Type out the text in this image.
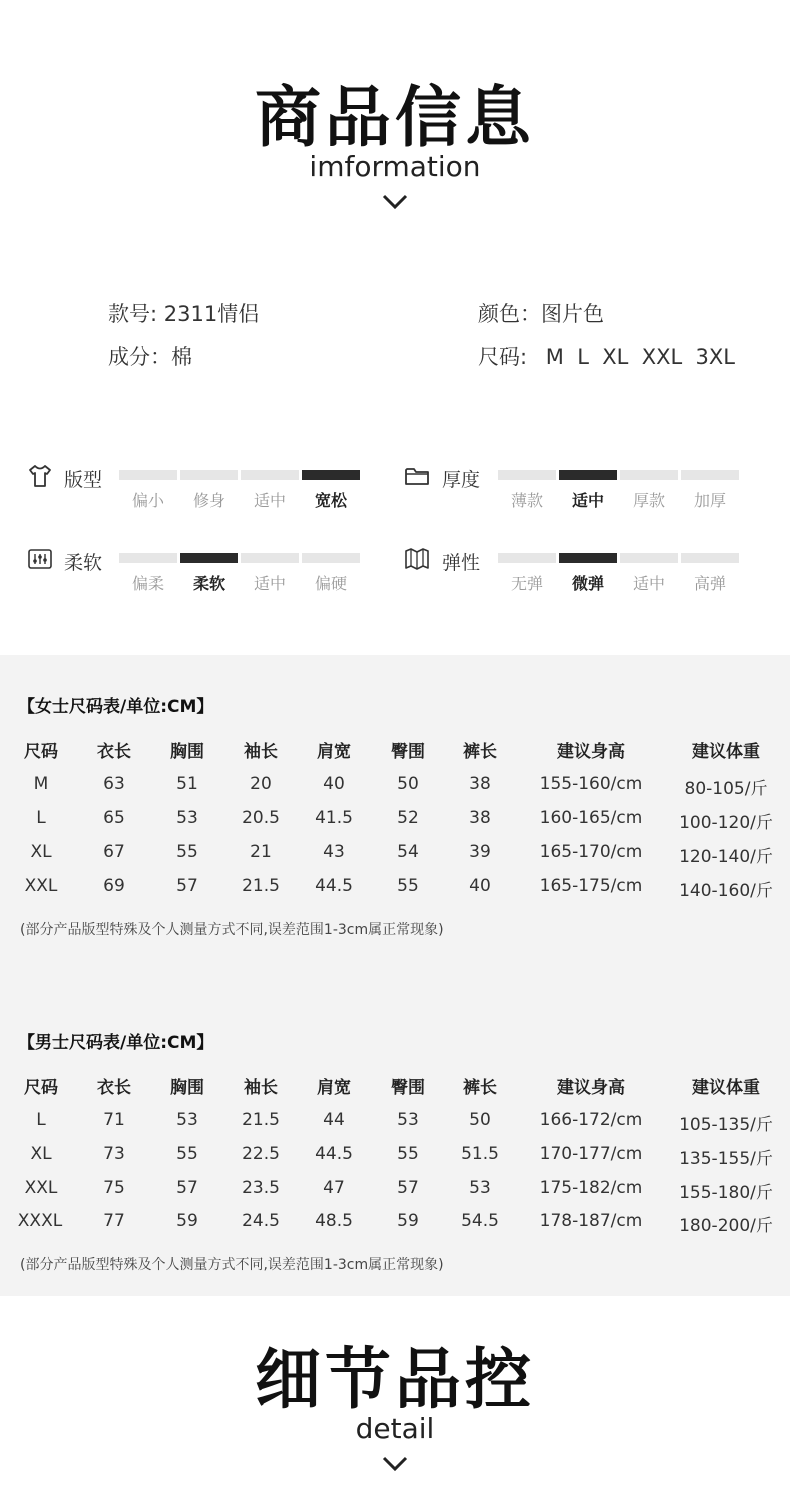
商品信息
imformation
款号: 2311情侣	颜色：图片色
成分：棉	尺码: M  L  XL  XXL  3XL
版型
偏小	修身	适中	宽松
厚度
薄款	适中	厚款	加厚
柔软
偏柔	柔软	适中	偏硬
弹性
无弹	微弹	适中	高弹
【女士尺码表/单位:CM】
尺码 衣长 胸围 袖长 肩宽 臀围 裤长	建议身高	建议体重
M	63	51	20	40	50	38	155-160/cm	80-105/斤
L	65	53	20.5 41.5	52	38	160-165/cm	100-120/斤
XL	67	55	21	43	54	39	165-170/cm	120-140/斤
XXL	69	57	21.5 44.5	55	40	165-175/cm	140-160/斤
(部分产品版型特殊及个人测量方式不同,误差范围1-3cm属正常现象)
【男士尺码表/单位:CM】
尺码 衣长 胸围 袖长 肩宽 臀围 裤长	建议身高	建议体重
L	71	53	21.5	44	53	50	166-172/cm	105-135/斤
XL	73	55	22.5 44.5	55	51.5 170-177/cm	135-155/斤
XXL	75	57	23.5	47	57	53	175-182/cm	155-180/斤
XXXL	77	59	24.5 48.5	59	54.5 178-187/cm	180-200/斤
(部分产品版型特殊及个人测量方式不同,误差范围1-3cm属正常现象)
细节品控
detail
